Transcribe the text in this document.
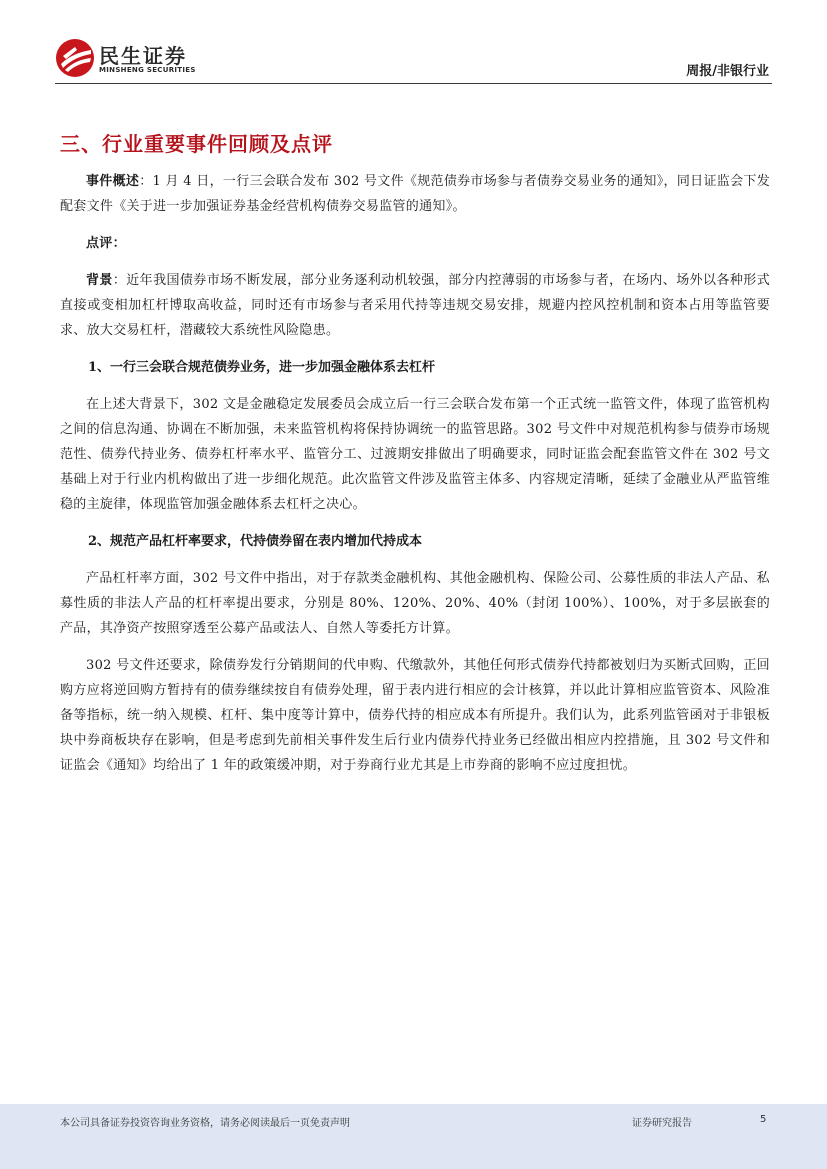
民生证券
MINSHENG SECURITIES	周报/非银行业
三、行业重要事件回顾及点评

事件概述：1 月 4 日，一行三会联合发布 302 号文件《规范债券市场参与者债券交易业务的通知》，同日证监会下发配套文件《关于进一步加强证券基金经营机构债券交易监管的通知》。

点评：

背景：近年我国债券市场不断发展，部分业务逐利动机较强，部分内控薄弱的市场参与者，在场内、场外以各种形式直接或变相加杠杆博取高收益，同时还有市场参与者采用代持等违规交易安排，规避内控风控机制和资本占用等监管要求、放大交易杠杆，潜藏较大系统性风险隐患。

1、一行三会联合规范债券业务，进一步加强金融体系去杠杆

在上述大背景下，302 文是金融稳定发展委员会成立后一行三会联合发布第一个正式统一监管文件，体现了监管机构之间的信息沟通、协调在不断加强，未来监管机构将保持协调统一的监管思路。302 号文件中对规范机构参与债券市场规范性、债券代持业务、债券杠杆率水平、监管分工、过渡期安排做出了明确要求，同时证监会配套监管文件在 302 号文基础上对于行业内机构做出了进一步细化规范。此次监管文件涉及监管主体多、内容规定清晰，延续了金融业从严监管维稳的主旋律，体现监管加强金融体系去杠杆之决心。

2、规范产品杠杆率要求，代持债券留在表内增加代持成本

产品杠杆率方面，302 号文件中指出，对于存款类金融机构、其他金融机构、保险公司、公募性质的非法人产品、私募性质的非法人产品的杠杆率提出要求，分别是 80%、120%、20%、40%（封闭 100%）、100%，对于多层嵌套的产品，其净资产按照穿透至公募产品或法人、自然人等委托方计算。

302 号文件还要求，除债券发行分销期间的代申购、代缴款外，其他任何形式债券代持都被划归为买断式回购，正回购方应将逆回购方暂持有的债券继续按自有债券处理，留于表内进行相应的会计核算，并以此计算相应监管资本、风险准备等指标，统一纳入规模、杠杆、集中度等计算中，债券代持的相应成本有所提升。我们认为，此系列监管函对于非银板块中券商板块存在影响，但是考虑到先前相关事件发生后行业内债券代持业务已经做出相应内控措施，且 302 号文件和证监会《通知》均给出了 1 年的政策缓冲期，对于券商行业尤其是上市券商的影响不应过度担忧。

本公司具备证券投资咨询业务资格，请务必阅读最后一页免责声明	证券研究报告	5
